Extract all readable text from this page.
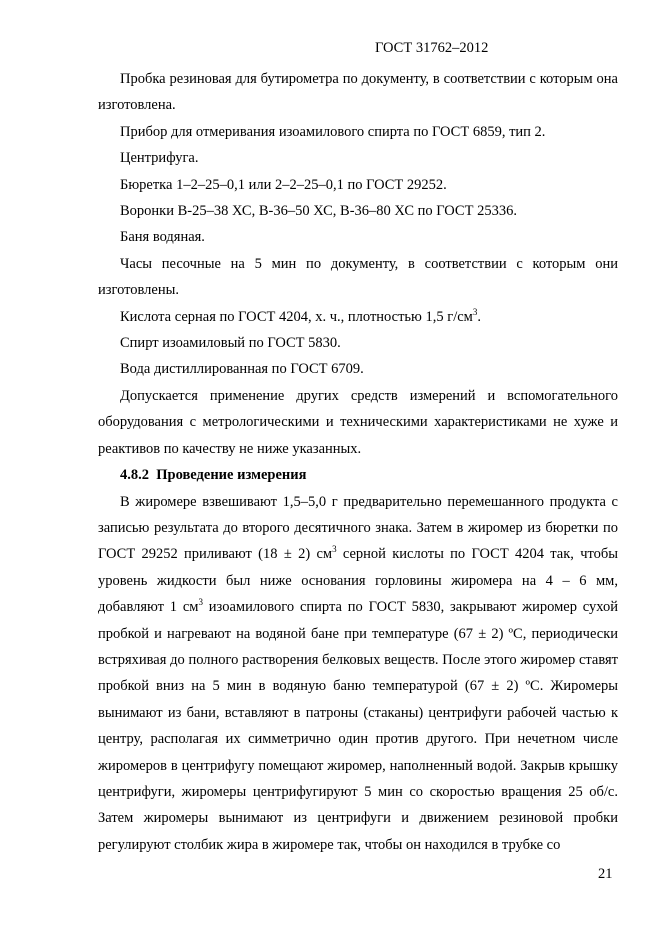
ГОСТ 31762–2012

Пробка резиновая для бутирометра по документу, в соответствии с которым она изготовлена.

Прибор для отмеривания изоамилового спирта по ГОСТ 6859, тип 2.

Центрифуга.

Бюретка 1–2–25–0,1 или 2–2–25–0,1 по ГОСТ 29252.

Воронки В-25–38 ХС, В-36–50 ХС, В-36–80 ХС по ГОСТ 25336.

Баня водяная.

Часы песочные на 5 мин по документу, в соответствии с которым они изготовлены.

Кислота серная по ГОСТ 4204, х. ч., плотностью 1,5 $г/см^3$.

Спирт изоамиловый по ГОСТ 5830.

Вода дистиллированная по ГОСТ 6709.

Допускается применение других средств измерений и вспомогательного оборудования с метрологическими и техническими характеристиками не хуже и реактивов по качеству не ниже указанных.

4.8.2 Проведение измерения

В жиромере взвешивают 1,5–5,0 г предварительно перемешанного продукта с записью результата до второго десятичного знака. Затем в жиромер из бюретки по ГОСТ 29252 приливают (18 ± 2) $см^3$ серной кислоты по ГОСТ 4204 так, чтобы уровень жидкости был ниже основания горловины жиромера на 4 – 6 мм, добавляют 1 $см^3$ изоамилового спирта по ГОСТ 5830, закрывают жиромер сухой пробкой и нагревают на водяной бане при температуре (67 ± 2) ºС, периодически встряхивая до полного растворения белковых веществ. После этого жиромер ставят пробкой вниз на 5 мин в водяную баню температурой (67 ± 2) ºС. Жиромеры вынимают из бани, вставляют в патроны (стаканы) центрифуги рабочей частью к центру, располагая их симметрично один против другого. При нечетном числе жиромеров в центрифугу помещают жиромер, наполненный водой. Закрыв крышку центрифуги, жиромеры центрифугируют 5 мин со скоростью вращения 25 об/с. Затем жиромеры вынимают из центрифуги и движением резиновой пробки регулируют столбик жира в жиромере так, чтобы он находился в трубке со

21
